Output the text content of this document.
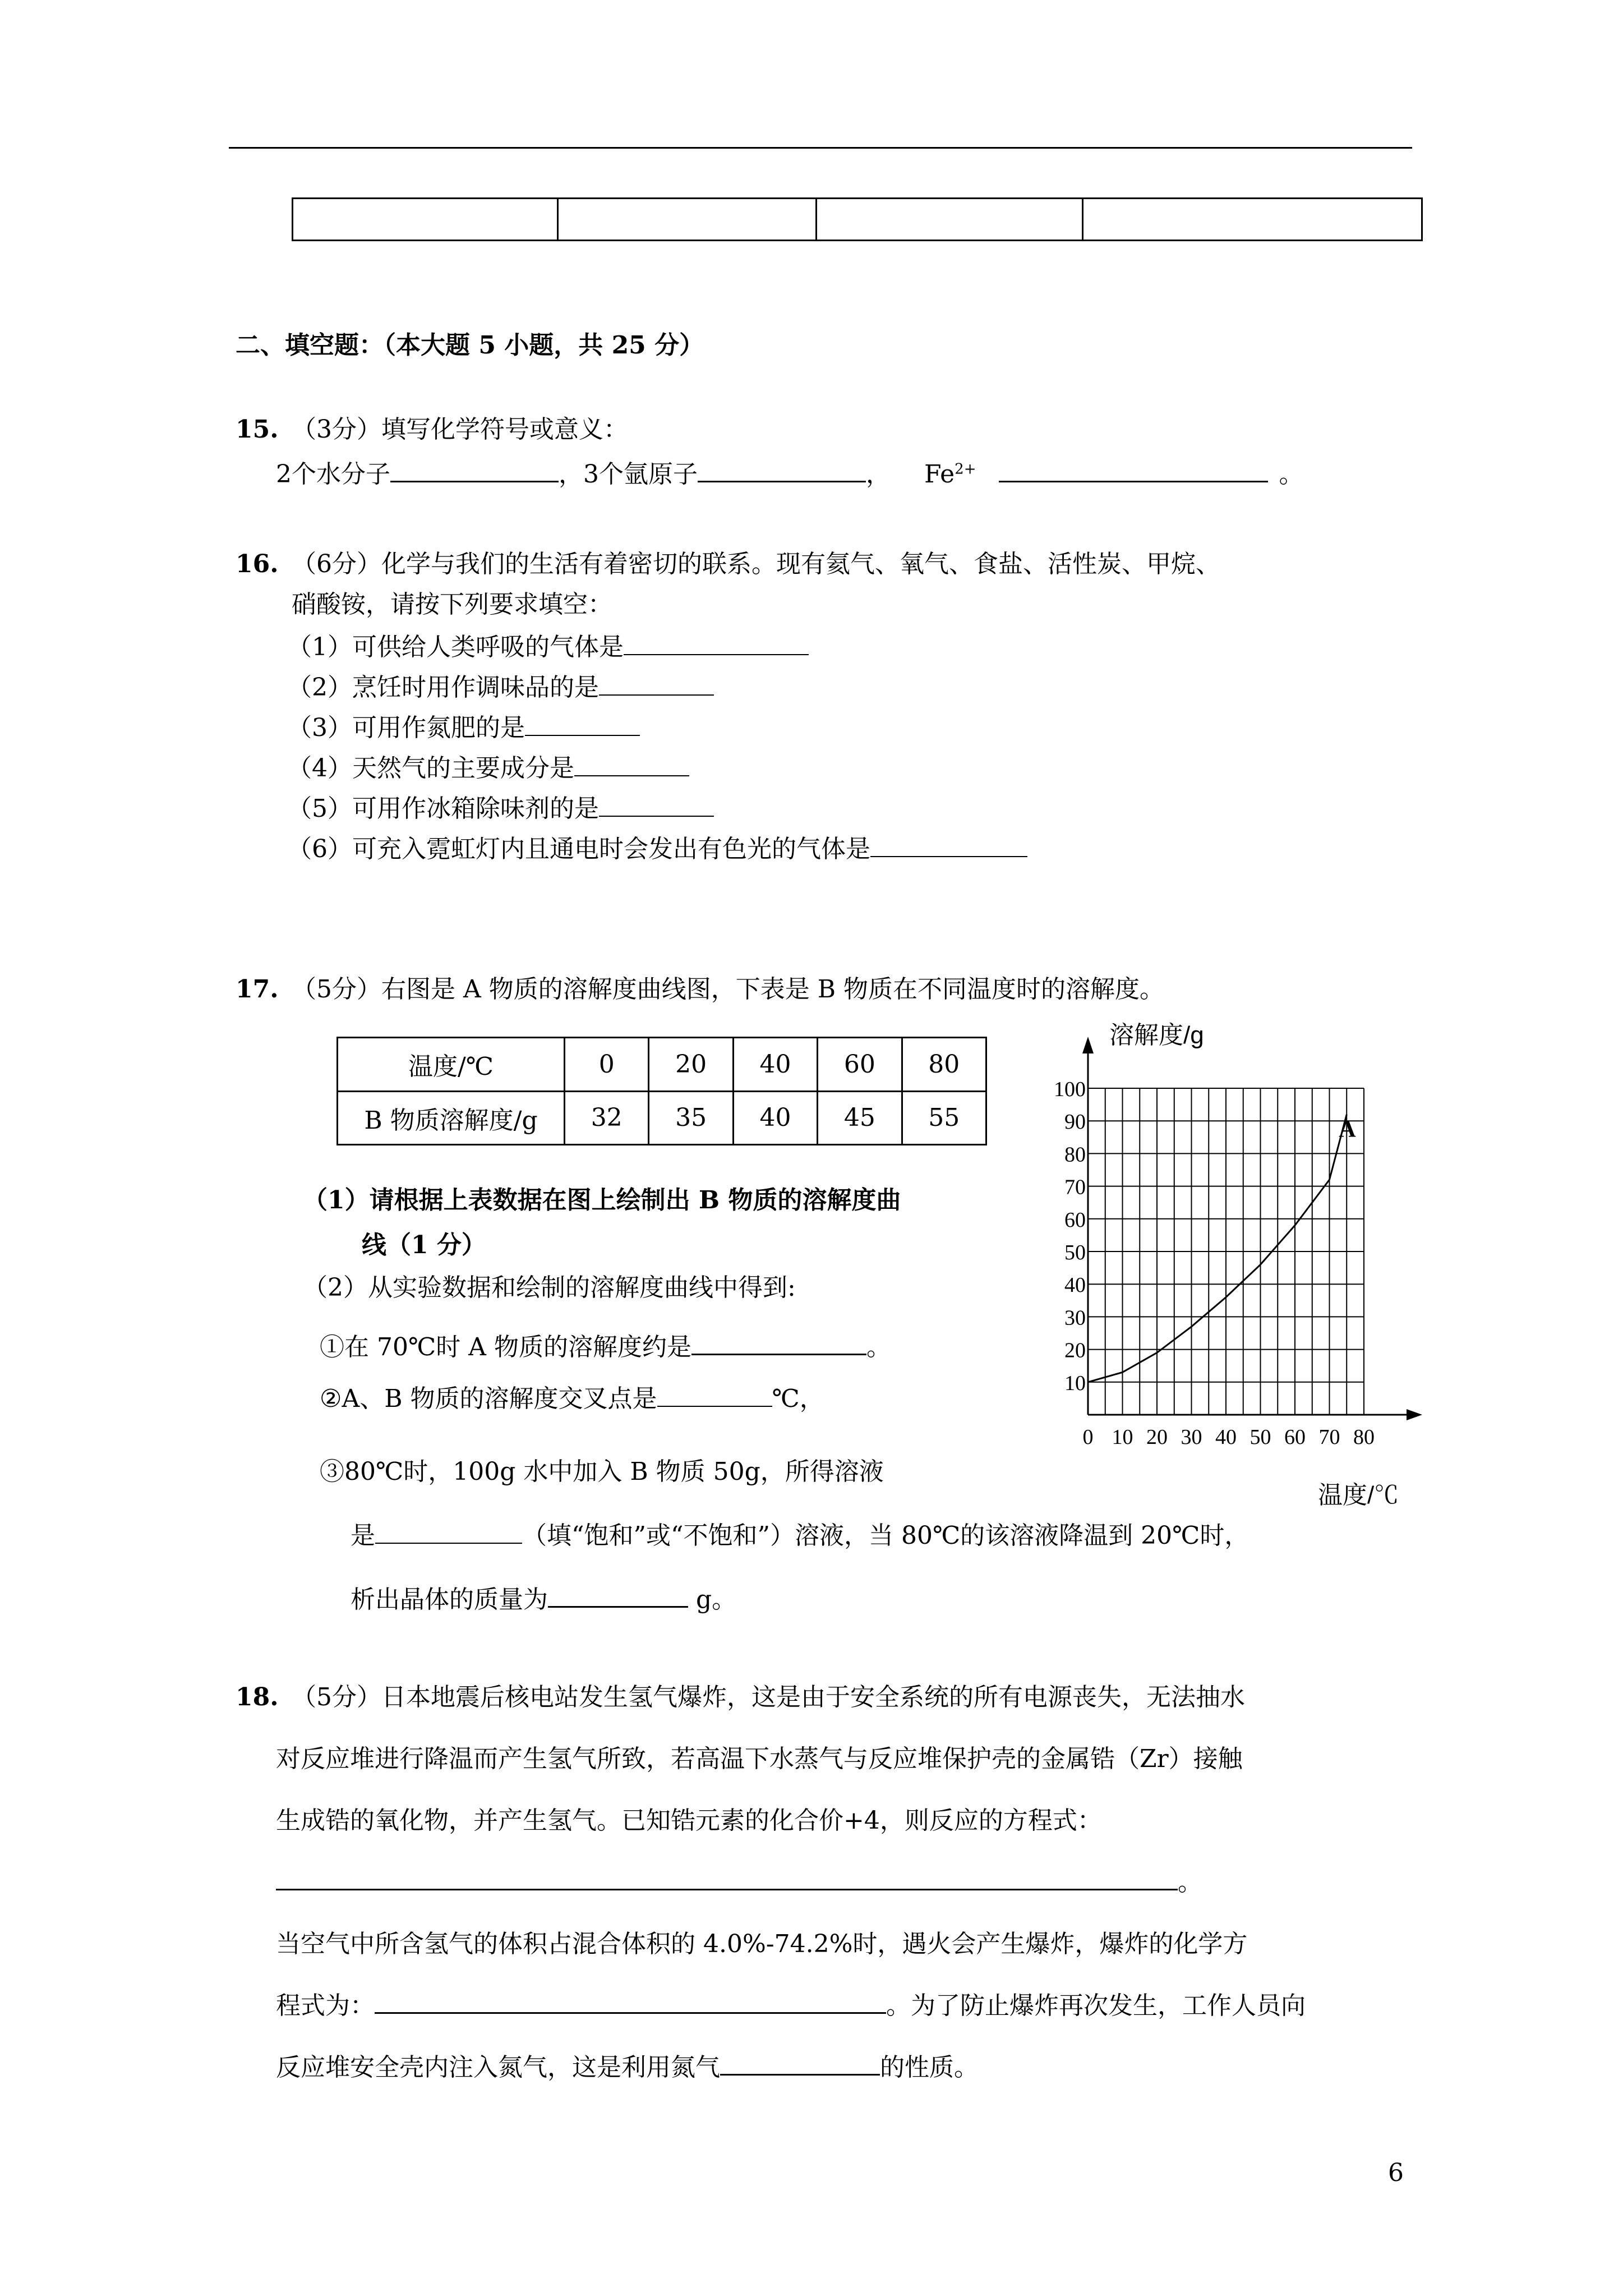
二、填空题：（本大题 5 小题，共 25 分）
15. （3分）填写化学符号或意义：
2个水分子	，3个氩原子	， $Fe^{2+}$	。
16. （6分）化学与我们的生活有着密切的联系。现有氦气、氧气、食盐、活性炭、甲烷、
硝酸铵，请按下列要求填空：
（1）可供给人类呼吸的气体是
（2）烹饪时用作调味品的是
（3）可用作氮肥的是
（4）天然气的主要成分是
（5）可用作冰箱除味剂的是
（6）可充入霓虹灯内且通电时会发出有色光的气体是
17. （5分）右图是 A 物质的溶解度曲线图，下表是 B 物质在不同温度时的溶解度。
温度/℃	0	20	40	60	80
B 物质溶解度/g	32	35	40	45	55
（1）请根据上表数据在图上绘制出 B 物质的溶解度曲
线（1 分）
（2）从实验数据和绘制的溶解度曲线中得到:
①在 70℃时 A 物质的溶解度约是	。
②A、B 物质的溶解度交叉点是	℃，
③80℃时，100g 水中加入 B 物质 50g，所得溶液
是	（填“饱和”或“不饱和”）溶液，当 80℃的该溶液降温到 20℃时，
析出晶体的质量为	g。
溶解度/g
温度/℃
0 10 20 30 40 50 60 70 80
10
20
30
40
50
60
70
80
90
100
A
18. （5分）日本地震后核电站发生氢气爆炸，这是由于安全系统的所有电源丧失，无法抽水
对反应堆进行降温而产生氢气所致，若高温下水蒸气与反应堆保护壳的金属锆（Zr）接触
生成锆的氧化物，并产生氢气。已知锆元素的化合价+4，则反应的方程式：
。
当空气中所含氢气的体积占混合体积的 4.0%-74.2%时，遇火会产生爆炸，爆炸的化学方
程式为：	。为了防止爆炸再次发生，工作人员向
反应堆安全壳内注入氮气，这是利用氮气	的性质。
6
